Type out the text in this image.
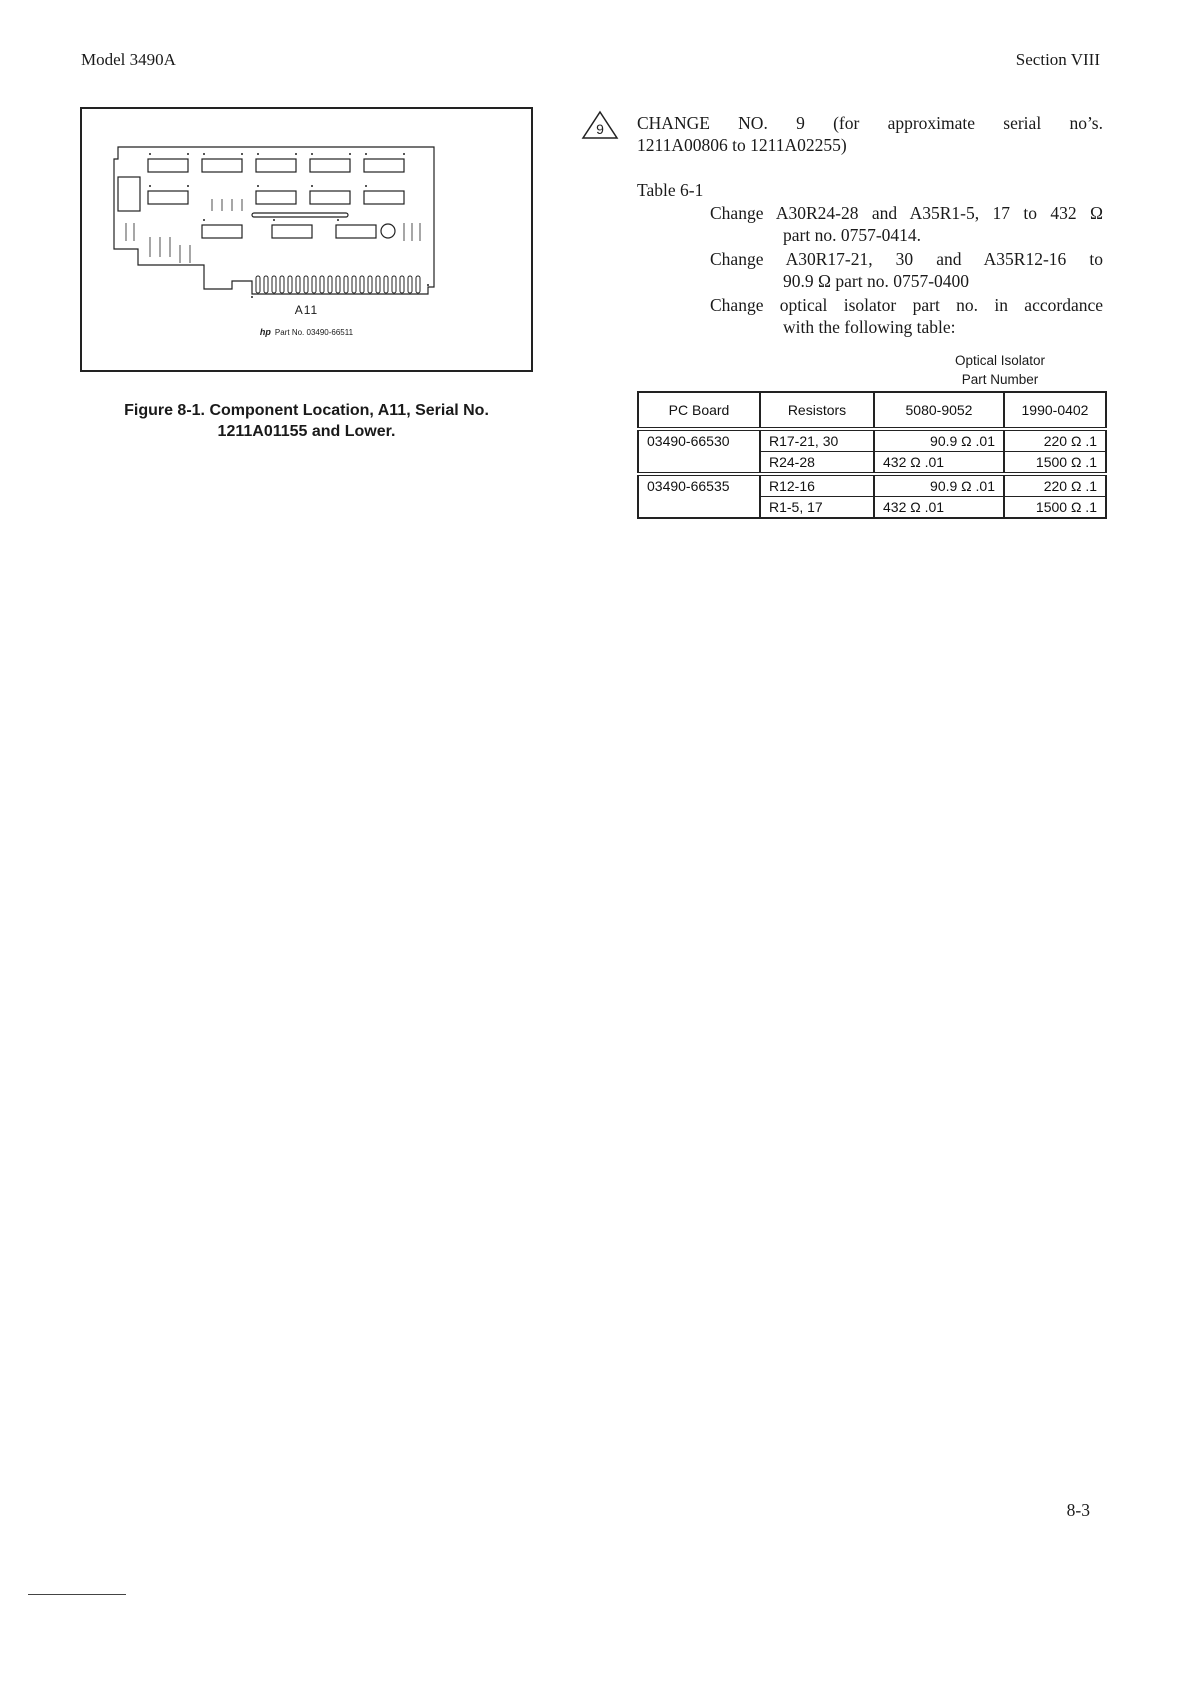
Model 3490A	Section VIII
A11
hp Part No. 03490-66511
Figure 8-1. Component Location, A11, Serial No.
1211A01155 and Lower.
9 CHANGE NO. 9 (for approximate serial no’s.
1211A00806 to 1211A02255)
Table 6-1
Change A30R24-28 and A35R1-5, 17 to 432 Ω
part no. 0757-0414.
Change A30R17-21, 30 and A35R12-16 to
90.9 Ω part no. 0757-0400
Change optical isolator part no. in accordance
with the following table:
Optical Isolator
Part Number
PC Board	Resistors	5080-9052	1990-0402
03490-66530	R17-21, 30	90.9 Ω .01	220 Ω .1
	R24-28	432 Ω .01	1500 Ω .1
03490-66535	R12-16	90.9 Ω .01	220 Ω .1
	R1-5, 17	432 Ω .01	1500 Ω .1
8-3
